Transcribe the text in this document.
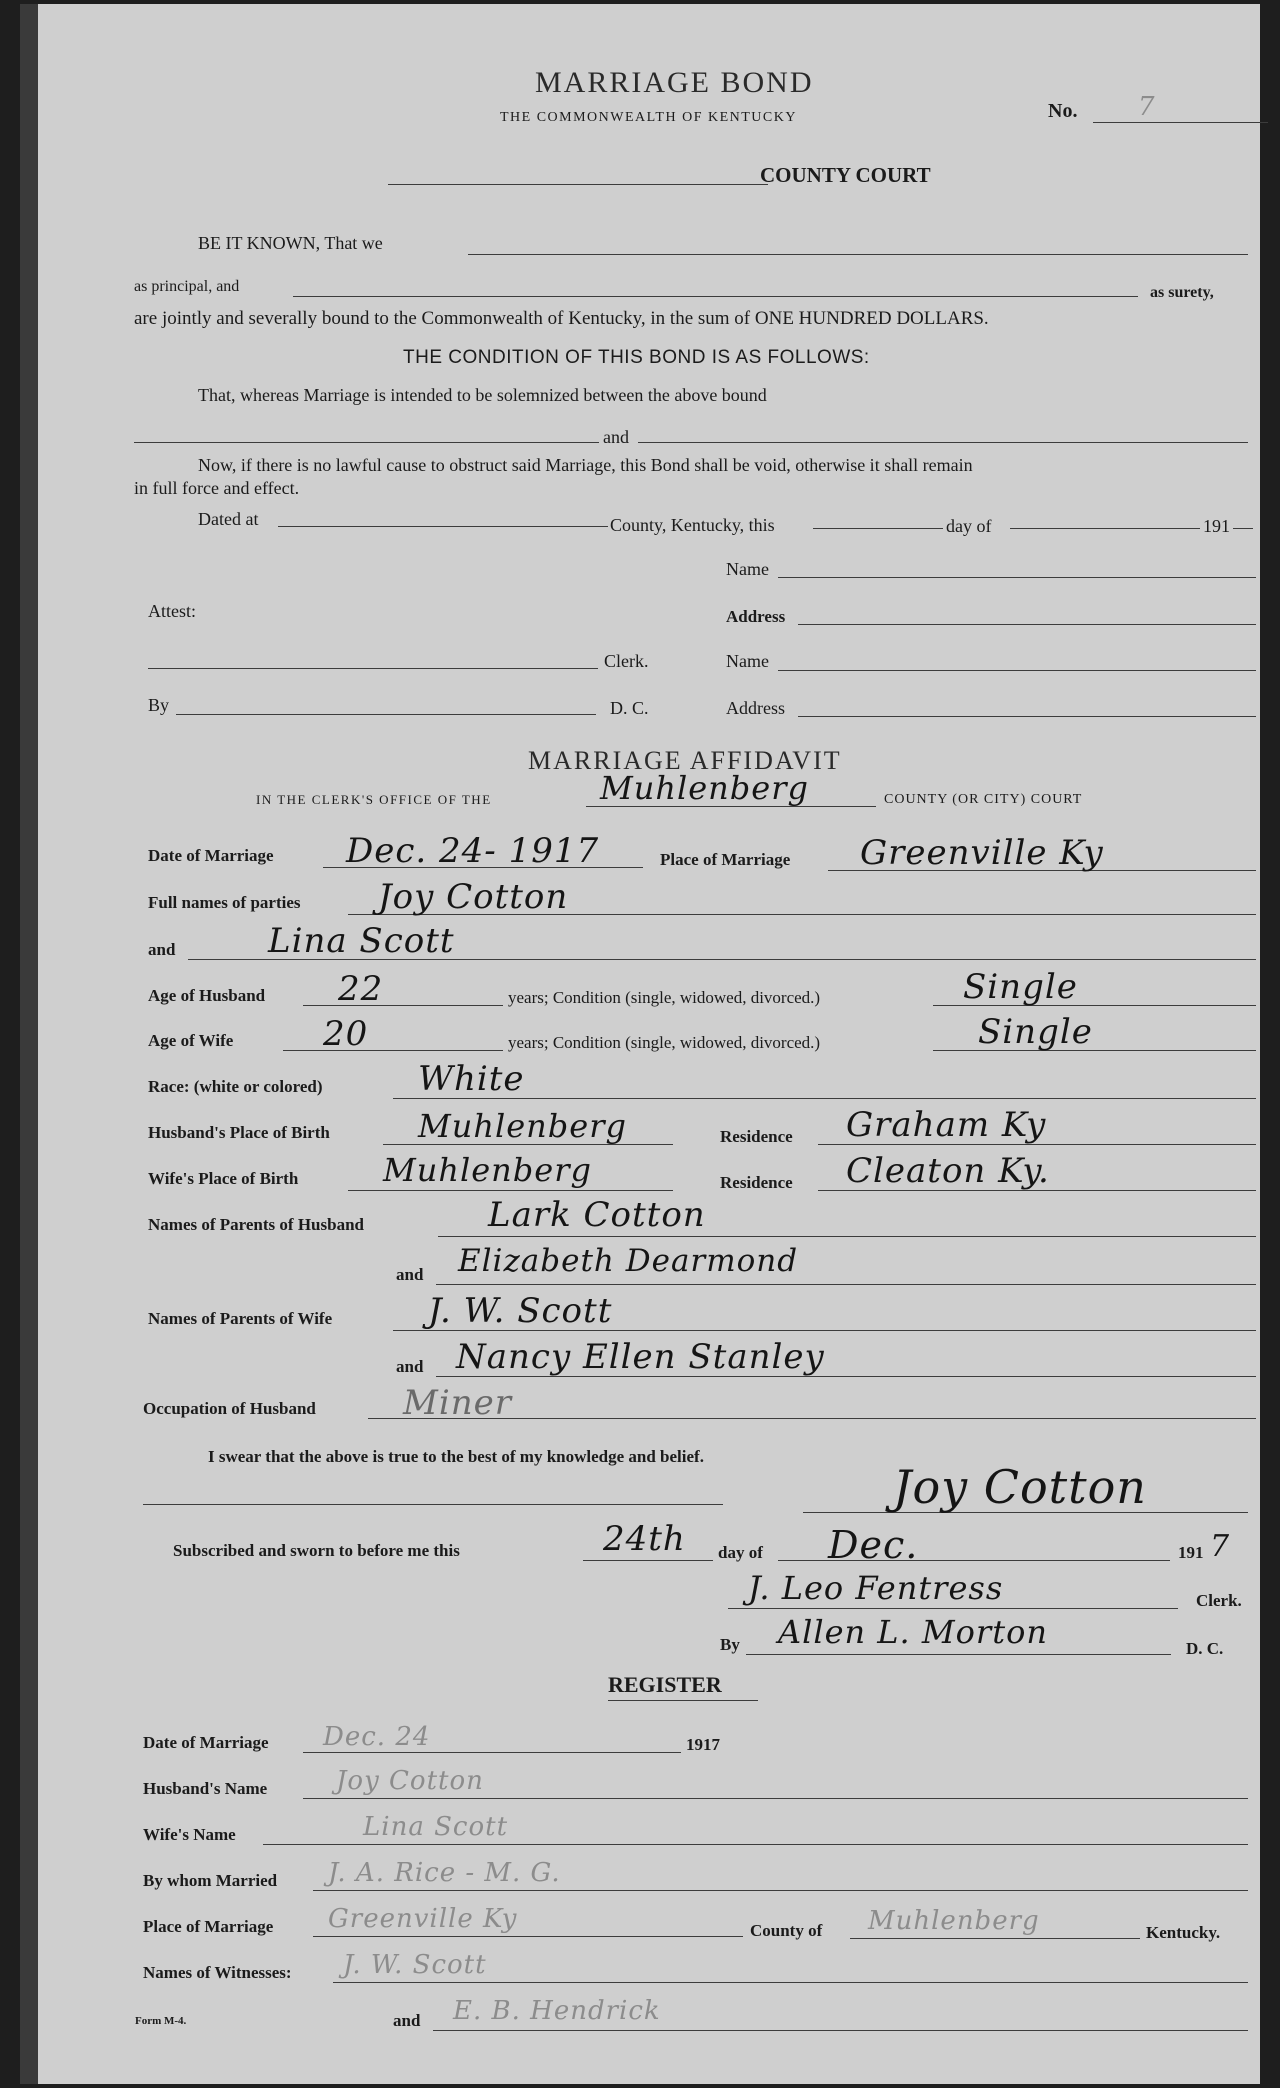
MARRIAGE BOND
THE COMMONWEALTH OF KENTUCKY	No. 7
COUNTY COURT
BE IT KNOWN, That we
as principal, and	as surety,
are jointly and severally bound to the Commonwealth of Kentucky, in the sum of ONE HUNDRED DOLLARS.
THE CONDITION OF THIS BOND IS AS FOLLOWS:
That, whereas Marriage is intended to be solemnized between the above bound
and
Now, if there is no lawful cause to obstruct said Marriage, this Bond shall be void, otherwise it shall remain
in full force and effect.
Dated at	County, Kentucky, this	day of	191
Name
Attest:	Address
Clerk.	Name
By	D. C.	Address
MARRIAGE AFFIDAVIT
IN THE CLERK'S OFFICE OF THE	Muhlenberg	COUNTY (OR CITY) COURT
Date of Marriage Dec. 24- 1917	Place of Marriage Greenville Ky
Full names of parties Joy Cotton
and	Lina Scott
Age of Husband 22	years; Condition (single, widowed, divorced.)	Single
Age of Wife	20	years; Condition (single, widowed, divorced.)	Single
Race: (white or colored)	White
Husband's Place of Birth	Muhlenberg	Residence Graham Ky
Wife's Place of Birth	Muhlenberg	Residence Cleaton Ky.
Names of Parents of Husband	Lark Cotton
and Elizabeth Dearmond
Names of Parents of Wife	J. W. Scott
and Nancy Ellen Stanley
Occupation of Husband	Miner
I swear that the above is true to the best of my knowledge and belief.
Joy Cotton
Subscribed and sworn to before me this	24th day of Dec.	191 7
J. Leo Fentress	Clerk.
By Allen L. Morton	D. C.
REGISTER
Date of Marriage Dec. 24	1917
Husband's Name	Joy Cotton
Wife's Name	Lina Scott
By whom Married J. A. Rice - M. G.
Place of Marriage Greenville Ky	County of Muhlenberg	Kentucky.
Names of Witnesses: J. W. Scott
Form M-4.	and E. B. Hendrick
